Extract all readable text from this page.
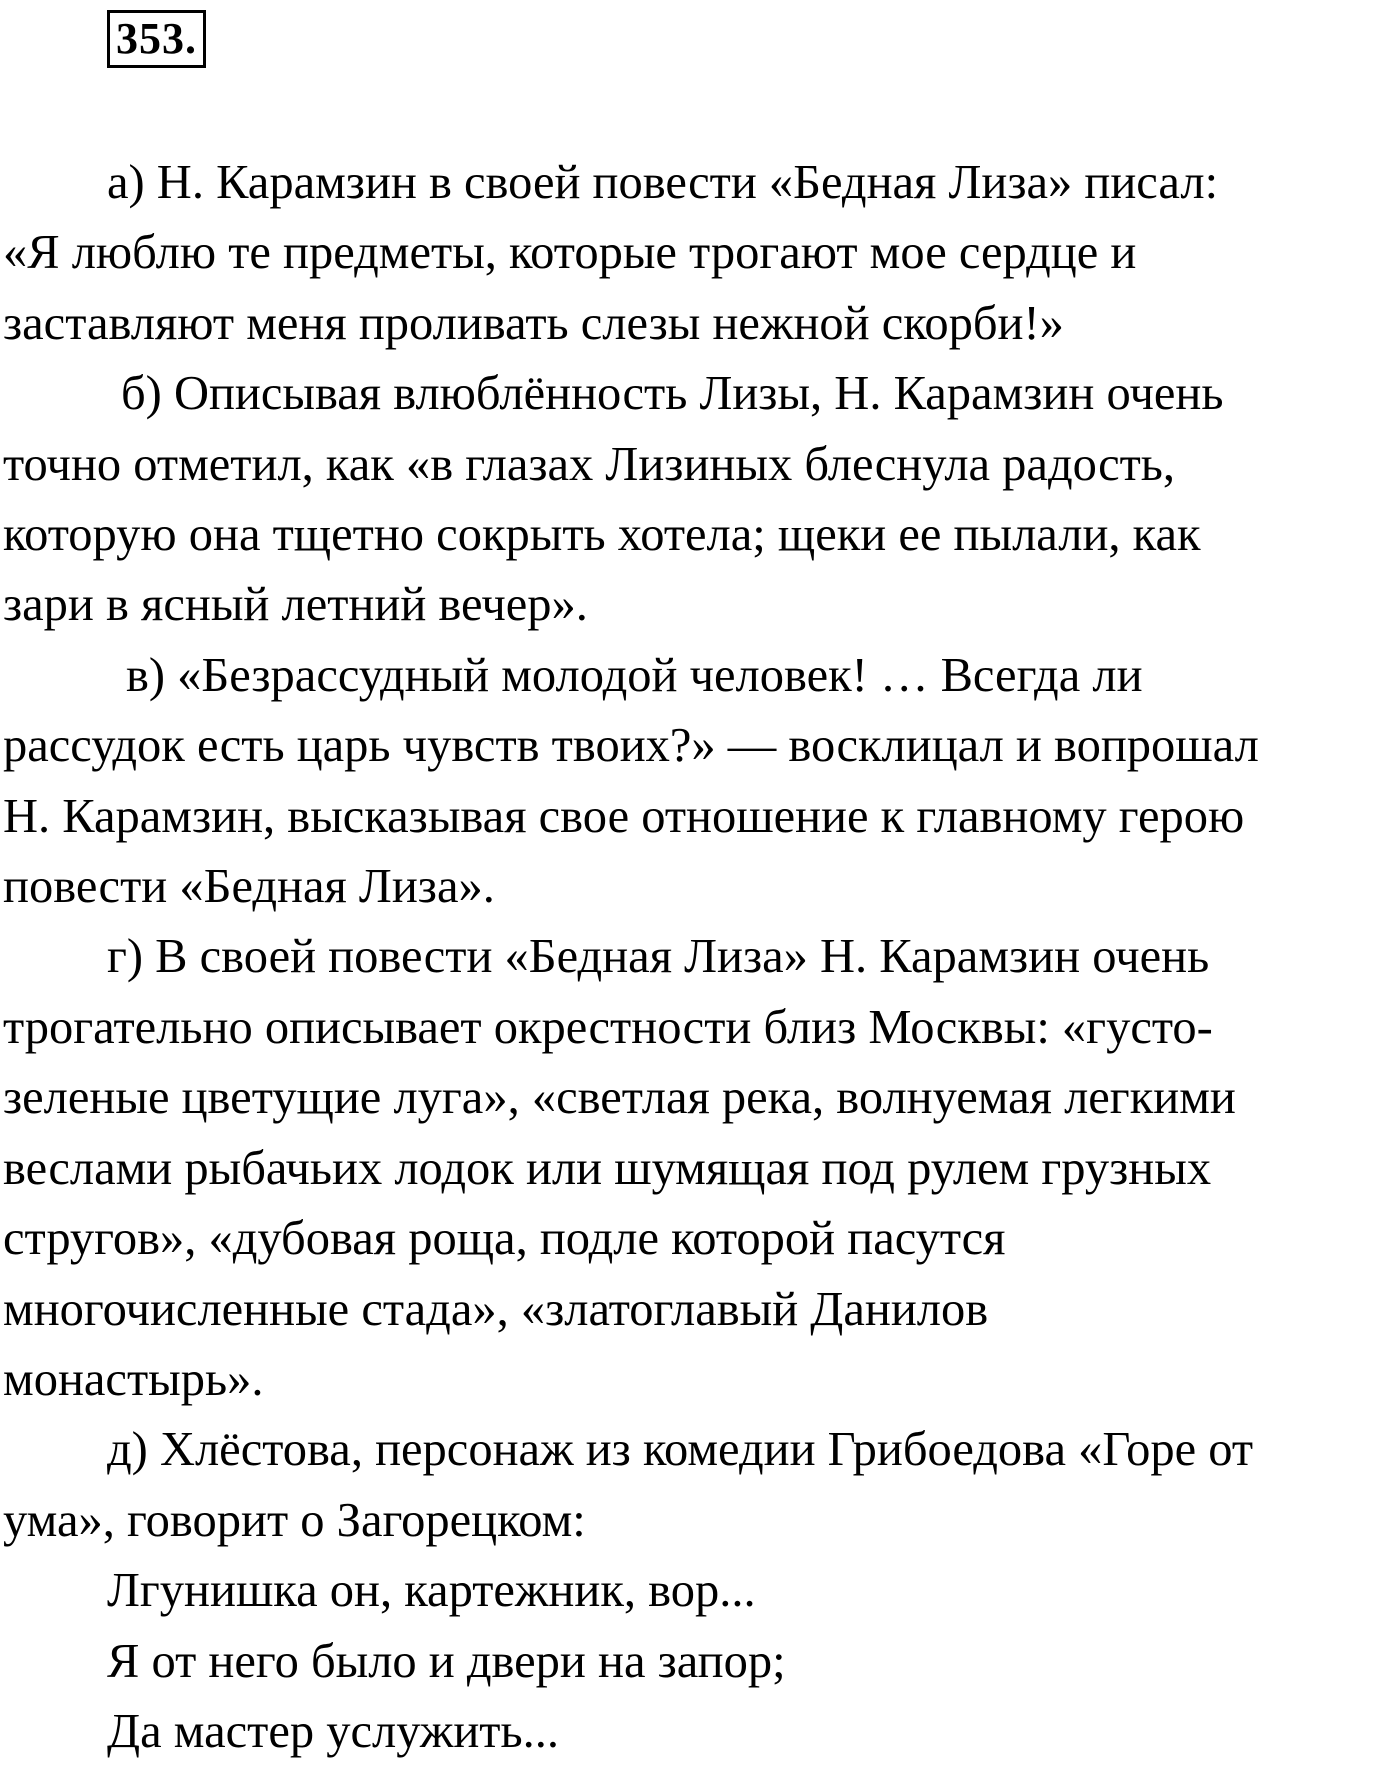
353.
а) Н. Карамзин в своей повести «Бедная Лиза» писал:
«Я люблю те предметы, которые трогают мое сердце и
заставляют меня проливать слезы нежной скорби!»
б) Описывая влюблённость Лизы, Н. Карамзин очень
точно отметил, как «в глазах Лизиных блеснула радость,
которую она тщетно сокрыть хотела; щеки ее пылали, как
зари в ясный летний вечер».
в) «Безрассудный молодой человек! … Всегда ли
рассудок есть царь чувств твоих?» — восклицал и вопрошал
Н. Карамзин, высказывая свое отношение к главному герою
повести «Бедная Лиза».
г) В своей повести «Бедная Лиза» Н. Карамзин очень
трогательно описывает окрестности близ Москвы: «густо-
зеленые цветущие луга», «светлая река, волнуемая легкими
веслами рыбачьих лодок или шумящая под рулем грузных
стругов», «дубовая роща, подле которой пасутся
многочисленные стада», «златоглавый Данилов
монастырь».
д) Хлёстова, персонаж из комедии Грибоедова «Горе от
ума», говорит о Загорецком:
Лгунишка он, картежник, вор...
Я от него было и двери на запор;
Да мастер услужить...
